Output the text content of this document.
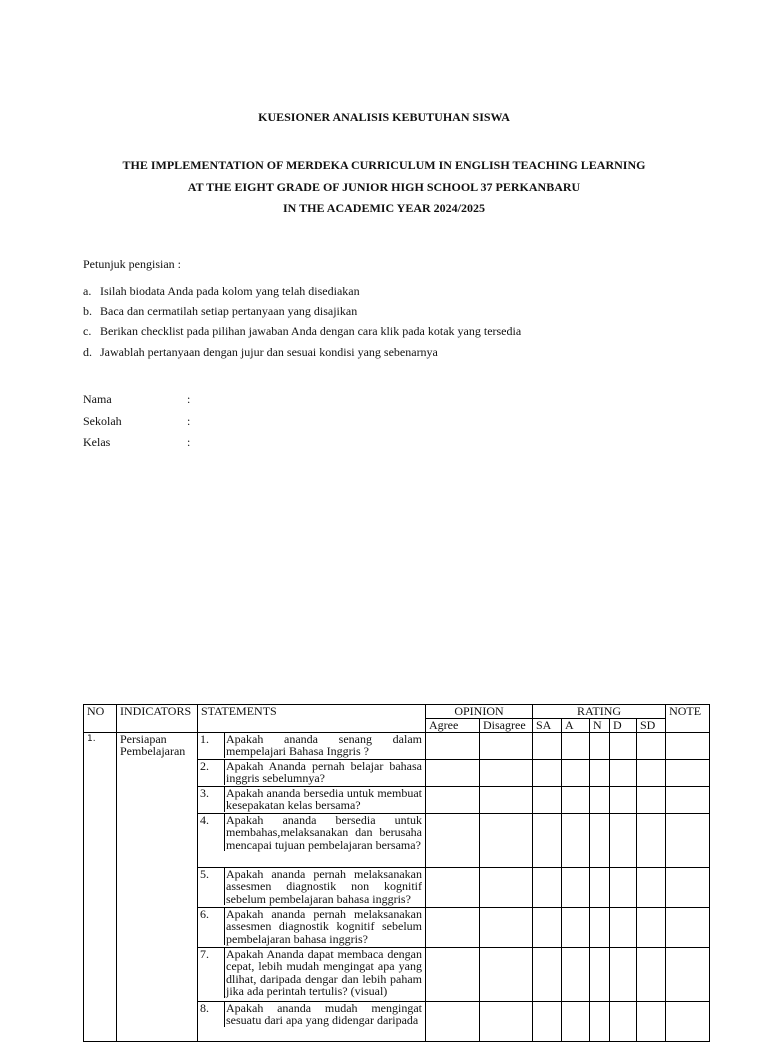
KUESIONER ANALISIS KEBUTUHAN SISWA
THE IMPLEMENTATION OF MERDEKA CURRICULUM IN ENGLISH TEACHING LEARNING
AT THE EIGHT GRADE OF JUNIOR HIGH SCHOOL 37 PERKANBARU
IN THE ACADEMIC YEAR 2024/2025
Petunjuk pengisian :
a. Isilah biodata Anda pada kolom yang telah disediakan
b. Baca dan cermatilah setiap pertanyaan yang disajikan
c. Berikan checklist pada pilihan jawaban Anda dengan cara klik pada kotak yang tersedia
d. Jawablah pertanyaan dengan jujur dan sesuai kondisi yang sebenarnya
Nama	:
Sekolah	:
Kelas	:
NO	INDICATORS	STATEMENTS	OPINION		RATING					NOTE
			Agree	Disagree	SA	A	N	D	SD	
1.	Persiapan Pembelajaran	1. Apakah ananda senang dalam mempelajari Bahasa Inggris ?								

		2. Apakah Ananda pernah belajar bahasa inggris sebelumnya?								

		3. Apakah ananda bersedia untuk membuat kesepakatan kelas bersama?								

		4. Apakah ananda bersedia untuk membahas,melaksanakan dan berusaha mencapai tujuan pembelajaran bersama?								

		5. Apakah ananda pernah melaksanakan assesmen diagnostik non kognitif sebelum pembelajaran bahasa inggris?								

		6. Apakah ananda pernah melaksanakan assesmen diagnostik kognitif sebelum pembelajaran bahasa inggris?								

		7. Apakah Ananda dapat membaca dengan cepat, lebih mudah mengingat apa yang dlihat, daripada dengar dan lebih paham jika ada perintah tertulis? (visual)								

		8. Apakah ananda mudah mengingat sesuatu dari apa yang didengar daripada								
